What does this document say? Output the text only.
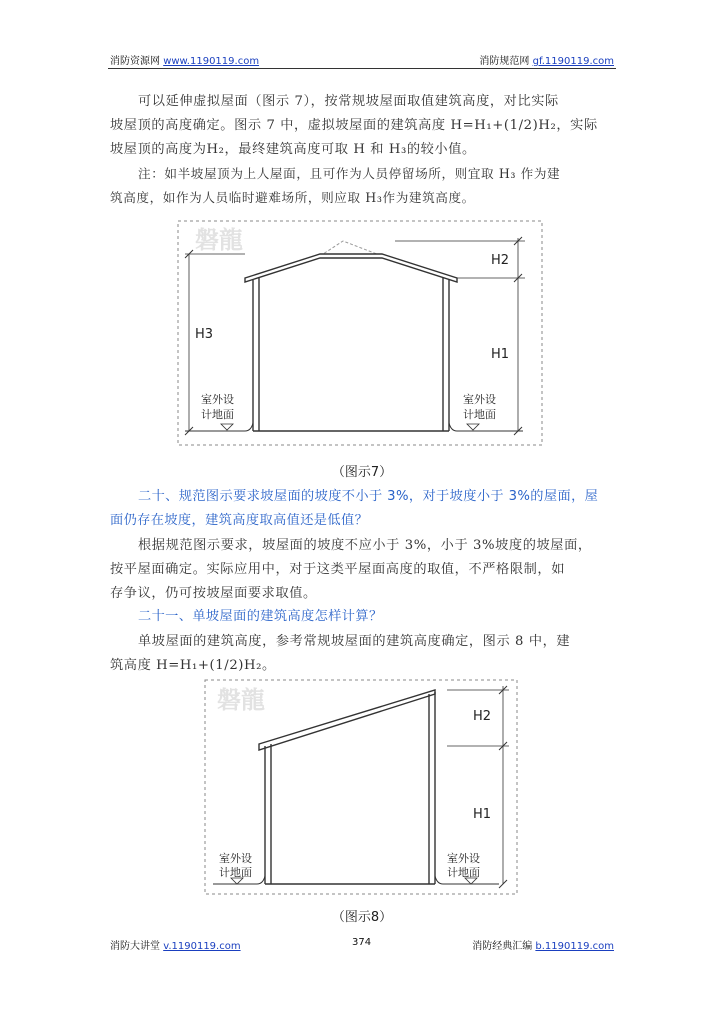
消防资源网 www.1190119.com	消防规范网 gf.1190119.com
可以延伸虚拟屋面（图示 7），按常规坡屋面取值建筑高度，对比实际
坡屋顶的高度确定。图示 7 中，虚拟坡屋面的建筑高度 H=H₁+(1/2)H₂，实际
坡屋顶的高度为H₂，最终建筑高度可取 H 和 H₃的较小值。
注：如半坡屋顶为上人屋面，且可作为人员停留场所，则宜取 H₃ 作为建
筑高度，如作为人员临时避难场所，则应取 H₃作为建筑高度。
磐龍
H3
H2
H1
室外设
计地面
室外设
计地面
（图示7）
二十、规范图示要求坡屋面的坡度不小于 3%，对于坡度小于 3%的屋面，屋
面仍存在坡度，建筑高度取高值还是低值？
根据规范图示要求，坡屋面的坡度不应小于 3%，小于 3%坡度的坡屋面，
按平屋面确定。实际应用中，对于这类平屋面高度的取值，不严格限制，如
存争议，仍可按坡屋面要求取值。
二十一、单坡屋面的建筑高度怎样计算？
单坡屋面的建筑高度，参考常规坡屋面的建筑高度确定，图示 8 中，建
筑高度 H=H₁+(1/2)H₂。
磐龍
H2
H1
室外设
计地面
室外设
计地面
（图示8）
消防大讲堂 v.1190119.com	374	消防经典汇编 b.1190119.com
